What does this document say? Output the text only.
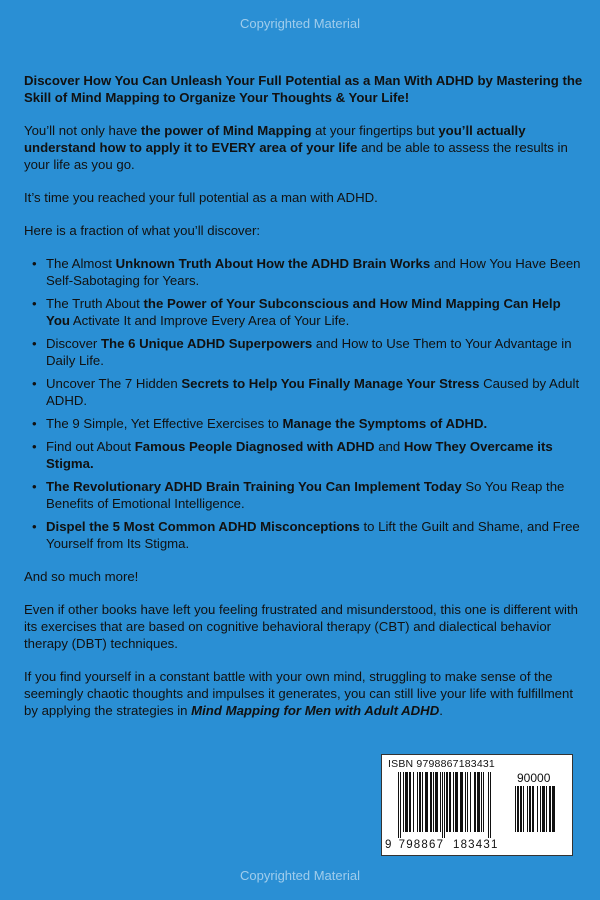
Copyrighted Material

Discover How You Can Unleash Your Full Potential as a Man With ADHD by Mastering the Skill of Mind Mapping to Organize Your Thoughts & Your Life!

You’ll not only have the power of Mind Mapping at your fingertips but you’ll actually understand how to apply it to EVERY area of your life and be able to assess the results in your life as you go.

It’s time you reached your full potential as a man with ADHD.

Here is a fraction of what you’ll discover:

• The Almost Unknown Truth About How the ADHD Brain Works and How You Have Been Self-Sabotaging for Years.
• The Truth About the Power of Your Subconscious and How Mind Mapping Can Help You Activate It and Improve Every Area of Your Life.
• Discover The 6 Unique ADHD Superpowers and How to Use Them to Your Advantage in Daily Life.
• Uncover The 7 Hidden Secrets to Help You Finally Manage Your Stress Caused by Adult ADHD.
• The 9 Simple, Yet Effective Exercises to Manage the Symptoms of ADHD.
• Find out About Famous People Diagnosed with ADHD and How They Overcame its Stigma.
• The Revolutionary ADHD Brain Training You Can Implement Today So You Reap the Benefits of Emotional Intelligence.
• Dispel the 5 Most Common ADHD Misconceptions to Lift the Guilt and Shame, and Free Yourself from Its Stigma.

And so much more!

Even if other books have left you feeling frustrated and misunderstood, this one is different with its exercises that are based on cognitive behavioral therapy (CBT) and dialectical behavior therapy (DBT) techniques.

If you find yourself in a constant battle with your own mind, struggling to make sense of the seemingly chaotic thoughts and impulses it generates, you can still live your life with fulfillment by applying the strategies in Mind Mapping for Men with Adult ADHD.

ISBN 9798867183431
90000
9 798867 183431
Copyrighted Material
